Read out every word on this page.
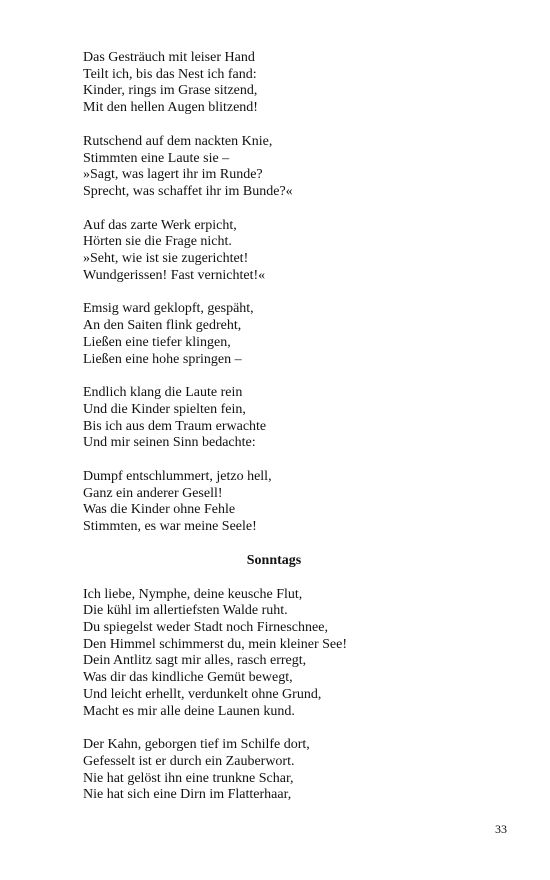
Das Gesträuch mit leiser Hand
Teilt ich, bis das Nest ich fand:
Kinder, rings im Grase sitzend,
Mit den hellen Augen blitzend!
Rutschend auf dem nackten Knie,
Stimmten eine Laute sie –
»Sagt, was lagert ihr im Runde?
Sprecht, was schaffet ihr im Bunde?«
Auf das zarte Werk erpicht,
Hörten sie die Frage nicht.
»Seht, wie ist sie zugerichtet!
Wundgerissen! Fast vernichtet!«
Emsig ward geklopft, gespäht,
An den Saiten flink gedreht,
Ließen eine tiefer klingen,
Ließen eine hohe springen –
Endlich klang die Laute rein
Und die Kinder spielten fein,
Bis ich aus dem Traum erwachte
Und mir seinen Sinn bedachte:
Dumpf entschlummert, jetzo hell,
Ganz ein anderer Gesell!
Was die Kinder ohne Fehle
Stimmten, es war meine Seele!
Sonntags
Ich liebe, Nymphe, deine keusche Flut,
Die kühl im allertiefsten Walde ruht.
Du spiegelst weder Stadt noch Firneschnee,
Den Himmel schimmerst du, mein kleiner See!
Dein Antlitz sagt mir alles, rasch erregt,
Was dir das kindliche Gemüt bewegt,
Und leicht erhellt, verdunkelt ohne Grund,
Macht es mir alle deine Launen kund.
Der Kahn, geborgen tief im Schilfe dort,
Gefesselt ist er durch ein Zauberwort.
Nie hat gelöst ihn eine trunkne Schar,
Nie hat sich eine Dirn im Flatterhaar,
33
